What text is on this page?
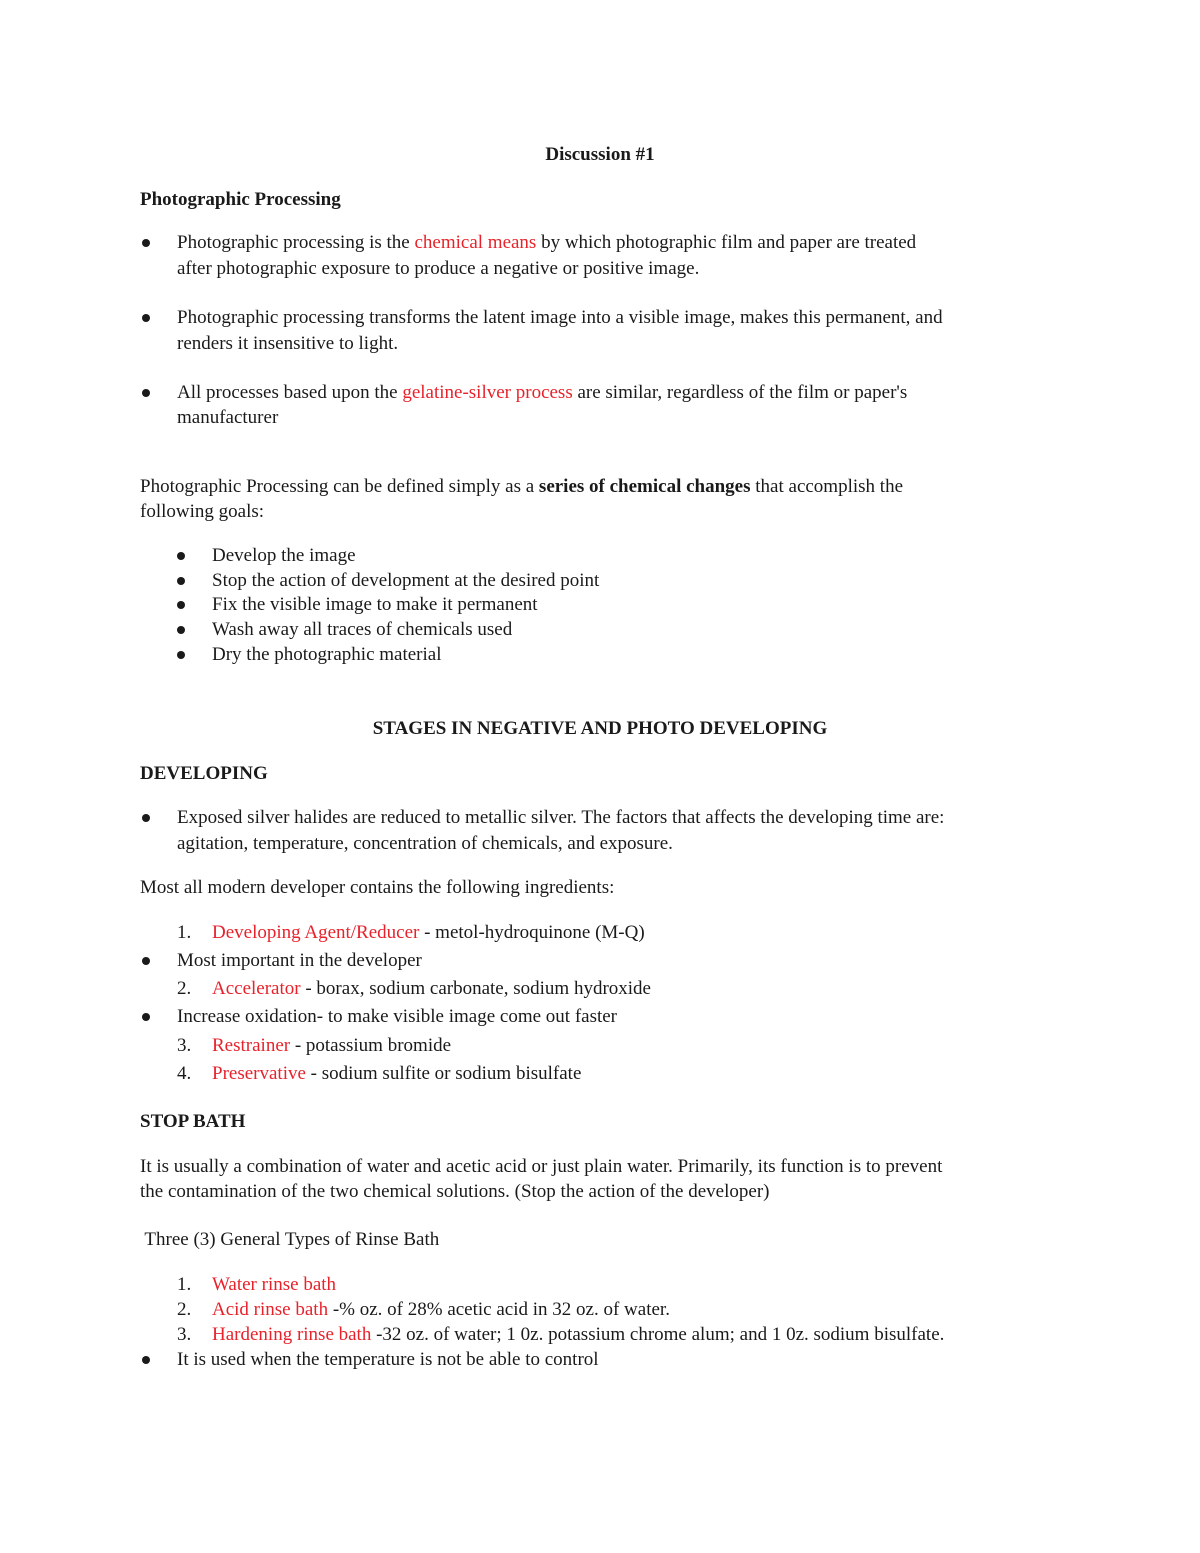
Discussion #1
Photographic Processing
Photographic processing is the chemical means by which photographic film and paper are treated
after photographic exposure to produce a negative or positive image.
Photographic processing transforms the latent image into a visible image, makes this permanent, and
renders it insensitive to light.
All processes based upon the gelatine-silver process are similar, regardless of the film or paper's
manufacturer
Photographic Processing can be defined simply as a series of chemical changes that accomplish the
following goals:
Develop the image
Stop the action of development at the desired point
Fix the visible image to make it permanent
Wash away all traces of chemicals used
Dry the photographic material
STAGES IN NEGATIVE AND PHOTO DEVELOPING
DEVELOPING
Exposed silver halides are reduced to metallic silver. The factors that affects the developing time are:
agitation, temperature, concentration of chemicals, and exposure.
Most all modern developer contains the following ingredients:
1. Developing Agent/Reducer - metol-hydroquinone (M-Q)
Most important in the developer
2. Accelerator - borax, sodium carbonate, sodium hydroxide
Increase oxidation- to make visible image come out faster
3. Restrainer - potassium bromide
4. Preservative - sodium sulfite or sodium bisulfate
STOP BATH
It is usually a combination of water and acetic acid or just plain water. Primarily, its function is to prevent
the contamination of the two chemical solutions. (Stop the action of the developer)
Three (3) General Types of Rinse Bath
1. Water rinse bath
2. Acid rinse bath -% oz. of 28% acetic acid in 32 oz. of water.
3. Hardening rinse bath -32 oz. of water; 1 0z. potassium chrome alum; and 1 0z. sodium bisulfate.
It is used when the temperature is not be able to control
